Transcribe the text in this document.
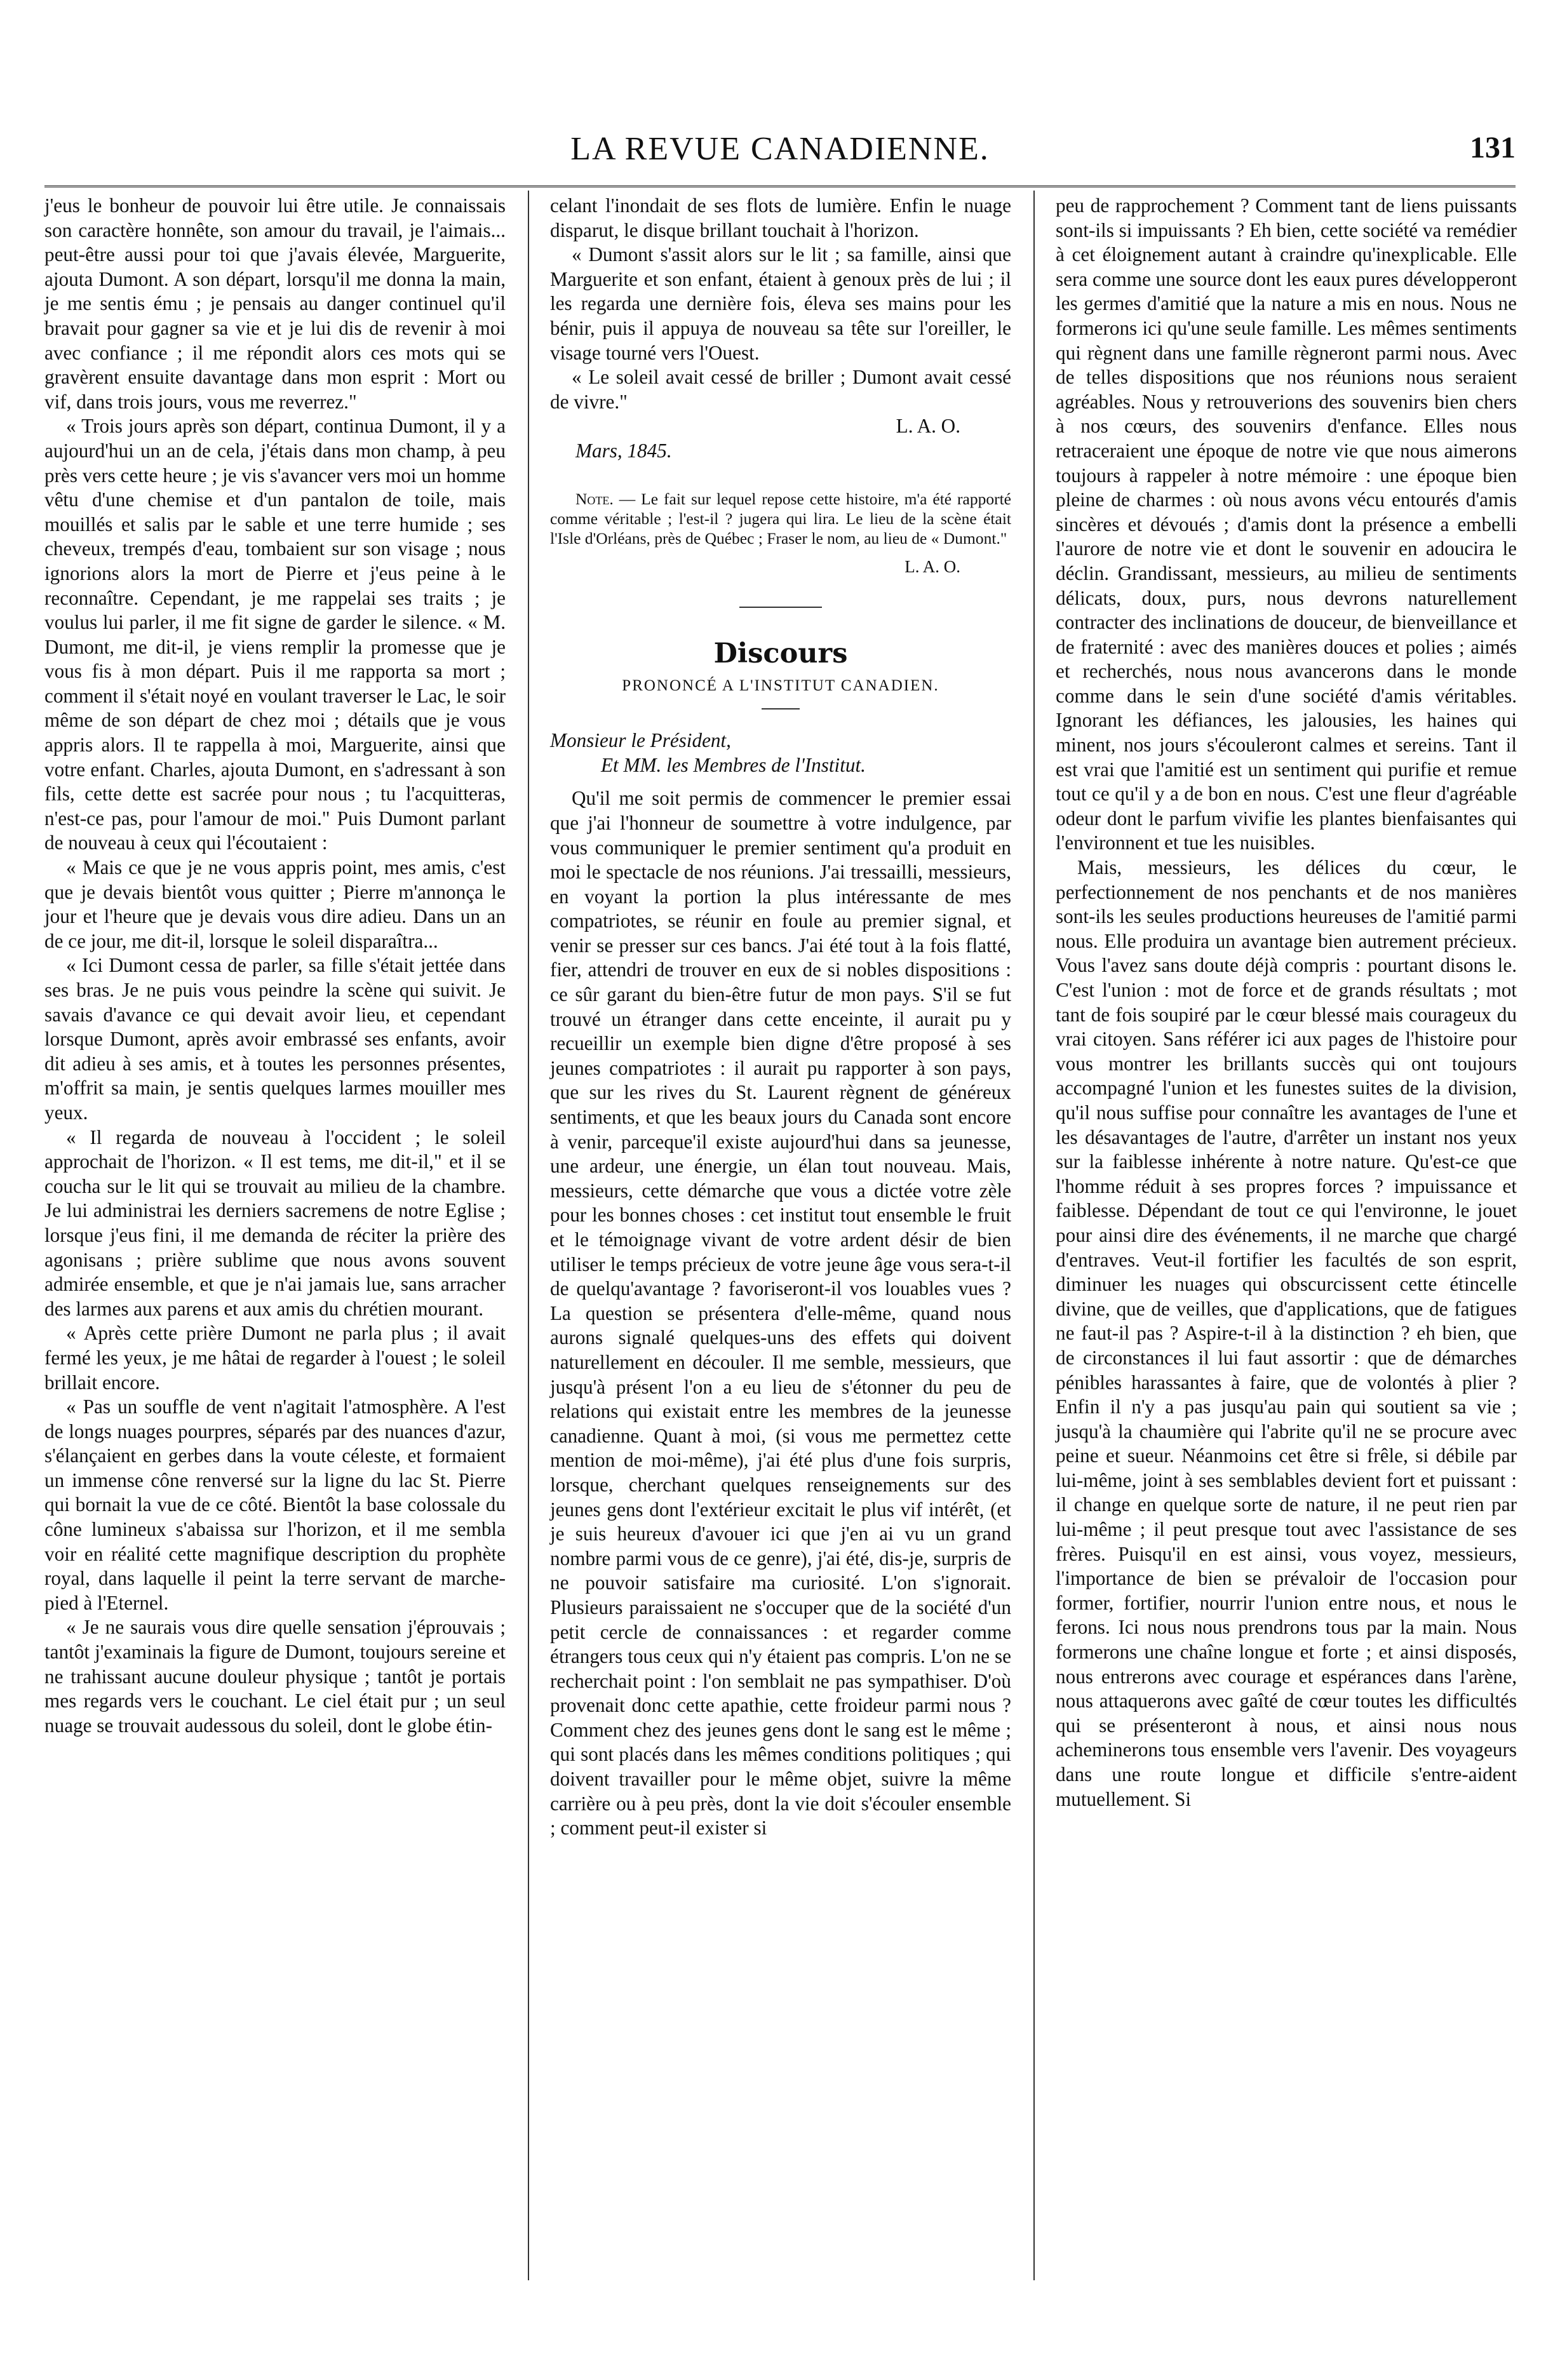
LA REVUE CANADIENNE.	131

j'eus le bonheur de pouvoir lui être utile. Je connaissais son caractère honnête, son amour du travail, je l'aimais... peut-être aussi pour toi que j'avais élevée, Marguerite, ajouta Dumont. A son départ, lorsqu'il me donna la main, je me sentis ému ; je pensais au danger continuel qu'il bravait pour gagner sa vie et je lui dis de revenir à moi avec confiance ; il me répondit alors ces mots qui se gravèrent ensuite davantage dans mon esprit : Mort ou vif, dans trois jours, vous me reverrez."

« Trois jours après son départ, continua Dumont, il y a aujourd'hui un an de cela, j'étais dans mon champ, à peu près vers cette heure ; je vis s'avancer vers moi un homme vêtu d'une chemise et d'un pantalon de toile, mais mouillés et salis par le sable et une terre humide ; ses cheveux, trempés d'eau, tombaient sur son visage ; nous ignorions alors la mort de Pierre et j'eus peine à le reconnaître. Cependant, je me rappelai ses traits ; je voulus lui parler, il me fit signe de garder le silence. « M. Dumont, me dit-il, je viens remplir la promesse que je vous fis à mon départ. Puis il me rapporta sa mort ; comment il s'était noyé en voulant traverser le Lac, le soir même de son départ de chez moi ; détails que je vous appris alors. Il te rappella à moi, Marguerite, ainsi que votre enfant. Charles, ajouta Dumont, en s'adressant à son fils, cette dette est sacrée pour nous ; tu l'acquitteras, n'est-ce pas, pour l'amour de moi." Puis Dumont parlant de nouveau à ceux qui l'écoutaient :

« Mais ce que je ne vous appris point, mes amis, c'est que je devais bientôt vous quitter ; Pierre m'annonça le jour et l'heure que je devais vous dire adieu. Dans un an de ce jour, me dit-il, lorsque le soleil disparaîtra...

« Ici Dumont cessa de parler, sa fille s'était jettée dans ses bras. Je ne puis vous peindre la scène qui suivit. Je savais d'avance ce qui devait avoir lieu, et cependant lorsque Dumont, après avoir embrassé ses enfants, avoir dit adieu à ses amis, et à toutes les personnes présentes, m'offrit sa main, je sentis quelques larmes mouiller mes yeux.

« Il regarda de nouveau à l'occident ; le soleil approchait de l'horizon. « Il est tems, me dit-il," et il se coucha sur le lit qui se trouvait au milieu de la chambre. Je lui administrai les derniers sacremens de notre Eglise ; lorsque j'eus fini, il me demanda de réciter la prière des agonisans ; prière sublime que nous avons souvent admirée ensemble, et que je n'ai jamais lue, sans arracher des larmes aux parens et aux amis du chrétien mourant.

« Après cette prière Dumont ne parla plus ; il avait fermé les yeux, je me hâtai de regarder à l'ouest ; le soleil brillait encore.

« Pas un souffle de vent n'agitait l'atmosphère. A l'est de longs nuages pourpres, séparés par des nuances d'azur, s'élançaient en gerbes dans la voute céleste, et formaient un immense cône renversé sur la ligne du lac St. Pierre qui bornait la vue de ce côté. Bientôt la base colossale du cône lumineux s'abaissa sur l'horizon, et il me sembla voir en réalité cette magnifique description du prophète royal, dans laquelle il peint la terre servant de marche-pied à l'Eternel.

« Je ne saurais vous dire quelle sensation j'éprouvais ; tantôt j'examinais la figure de Dumont, toujours sereine et ne trahissant aucune douleur physique ; tantôt je portais mes regards vers le couchant. Le ciel était pur ; un seul nuage se trouvait audessous du soleil, dont le globe étin-

celant l'inondait de ses flots de lumière. Enfin le nuage disparut, le disque brillant touchait à l'horizon.

« Dumont s'assit alors sur le lit ; sa famille, ainsi que Marguerite et son enfant, étaient à genoux près de lui ; il les regarda une dernière fois, éleva ses mains pour les bénir, puis il appuya de nouveau sa tête sur l'oreiller, le visage tourné vers l'Ouest.

« Le soleil avait cessé de briller ; Dumont avait cessé de vivre."

L. A. O.

Mars, 1845.

Note. — Le fait sur lequel repose cette histoire, m'a été rapporté comme véritable ; l'est-il ? jugera qui lira. Le lieu de la scène était l'Isle d'Orléans, près de Québec ; Fraser le nom, au lieu de « Dumont."

L. A. O.

Discours
PRONONCÉ A L'INSTITUT CANADIEN.

Monsieur le Président,

Et MM. les Membres de l'Institut.

Qu'il me soit permis de commencer le premier essai que j'ai l'honneur de soumettre à votre indulgence, par vous communiquer le premier sentiment qu'a produit en moi le spectacle de nos réunions. J'ai tressailli, messieurs, en voyant la portion la plus intéressante de mes compatriotes, se réunir en foule au premier signal, et venir se presser sur ces bancs. J'ai été tout à la fois flatté, fier, attendri de trouver en eux de si nobles dispositions : ce sûr garant du bien-être futur de mon pays. S'il se fut trouvé un étranger dans cette enceinte, il aurait pu y recueillir un exemple bien digne d'être proposé à ses jeunes compatriotes : il aurait pu rapporter à son pays, que sur les rives du St. Laurent règnent de généreux sentiments, et que les beaux jours du Canada sont encore à venir, parceque'il existe aujourd'hui dans sa jeunesse, une ardeur, une énergie, un élan tout nouveau. Mais, messieurs, cette démarche que vous a dictée votre zèle pour les bonnes choses : cet institut tout ensemble le fruit et le témoignage vivant de votre ardent désir de bien utiliser le temps précieux de votre jeune âge vous sera-t-il de quelqu'avantage ? favoriseront-il vos louables vues ? La question se présentera d'elle-même, quand nous aurons signalé quelques-uns des effets qui doivent naturellement en découler. Il me semble, messieurs, que jusqu'à présent l'on a eu lieu de s'étonner du peu de relations qui existait entre les membres de la jeunesse canadienne. Quant à moi, (si vous me permettez cette mention de moi-même), j'ai été plus d'une fois surpris, lorsque, cherchant quelques renseignements sur des jeunes gens dont l'extérieur excitait le plus vif intérêt, (et je suis heureux d'avouer ici que j'en ai vu un grand nombre parmi vous de ce genre), j'ai été, dis-je, surpris de ne pouvoir satisfaire ma curiosité. L'on s'ignorait. Plusieurs paraissaient ne s'occuper que de la société d'un petit cercle de connaissances : et regarder comme étrangers tous ceux qui n'y étaient pas compris. L'on ne se recherchait point : l'on semblait ne pas sympathiser. D'où provenait donc cette apathie, cette froideur parmi nous ? Comment chez des jeunes gens dont le sang est le même ; qui sont placés dans les mêmes conditions politiques ; qui doivent travailler pour le même objet, suivre la même carrière ou à peu près, dont la vie doit s'écouler ensemble ; comment peut-il exister si

peu de rapprochement ? Comment tant de liens puissants sont-ils si impuissants ? Eh bien, cette société va remédier à cet éloignement autant à craindre qu'inexplicable. Elle sera comme une source dont les eaux pures développeront les germes d'amitié que la nature a mis en nous. Nous ne formerons ici qu'une seule famille. Les mêmes sentiments qui règnent dans une famille règneront parmi nous. Avec de telles dispositions que nos réunions nous seraient agréables. Nous y retrouverions des souvenirs bien chers à nos cœurs, des souvenirs d'enfance. Elles nous retraceraient une époque de notre vie que nous aimerons toujours à rappeler à notre mémoire : une époque bien pleine de charmes : où nous avons vécu entourés d'amis sincères et dévoués ; d'amis dont la présence a embelli l'aurore de notre vie et dont le souvenir en adoucira le déclin. Grandissant, messieurs, au milieu de sentiments délicats, doux, purs, nous devrons naturellement contracter des inclinations de douceur, de bienveillance et de fraternité : avec des manières douces et polies ; aimés et recherchés, nous nous avancerons dans le monde comme dans le sein d'une société d'amis véritables. Ignorant les défiances, les jalousies, les haines qui minent, nos jours s'écouleront calmes et sereins. Tant il est vrai que l'amitié est un sentiment qui purifie et remue tout ce qu'il y a de bon en nous. C'est une fleur d'agréable odeur dont le parfum vivifie les plantes bienfaisantes qui l'environnent et tue les nuisibles.

Mais, messieurs, les délices du cœur, le perfectionnement de nos penchants et de nos manières sont-ils les seules productions heureuses de l'amitié parmi nous. Elle produira un avantage bien autrement précieux. Vous l'avez sans doute déjà compris : pourtant disons le. C'est l'union : mot de force et de grands résultats ; mot tant de fois soupiré par le cœur blessé mais courageux du vrai citoyen. Sans référer ici aux pages de l'histoire pour vous montrer les brillants succès qui ont toujours accompagné l'union et les funestes suites de la division, qu'il nous suffise pour connaître les avantages de l'une et les désavantages de l'autre, d'arrêter un instant nos yeux sur la faiblesse inhérente à notre nature. Qu'est-ce que l'homme réduit à ses propres forces ? impuissance et faiblesse. Dépendant de tout ce qui l'environne, le jouet pour ainsi dire des événements, il ne marche que chargé d'entraves. Veut-il fortifier les facultés de son esprit, diminuer les nuages qui obscurcissent cette étincelle divine, que de veilles, que d'applications, que de fatigues ne faut-il pas ? Aspire-t-il à la distinction ? eh bien, que de circonstances il lui faut assortir : que de démarches pénibles harassantes à faire, que de volontés à plier ? Enfin il n'y a pas jusqu'au pain qui soutient sa vie ; jusqu'à la chaumière qui l'abrite qu'il ne se procure avec peine et sueur. Néanmoins cet être si frêle, si débile par lui-même, joint à ses semblables devient fort et puissant : il change en quelque sorte de nature, il ne peut rien par lui-même ; il peut presque tout avec l'assistance de ses frères. Puisqu'il en est ainsi, vous voyez, messieurs, l'importance de bien se prévaloir de l'occasion pour former, fortifier, nourrir l'union entre nous, et nous le ferons. Ici nous nous prendrons tous par la main. Nous formerons une chaîne longue et forte ; et ainsi disposés, nous entrerons avec courage et espérances dans l'arène, nous attaquerons avec gaîté de cœur toutes les difficultés qui se présenteront à nous, et ainsi nous nous acheminerons tous ensemble vers l'avenir. Des voyageurs dans une route longue et difficile s'entre-aident mutuellement. Si
